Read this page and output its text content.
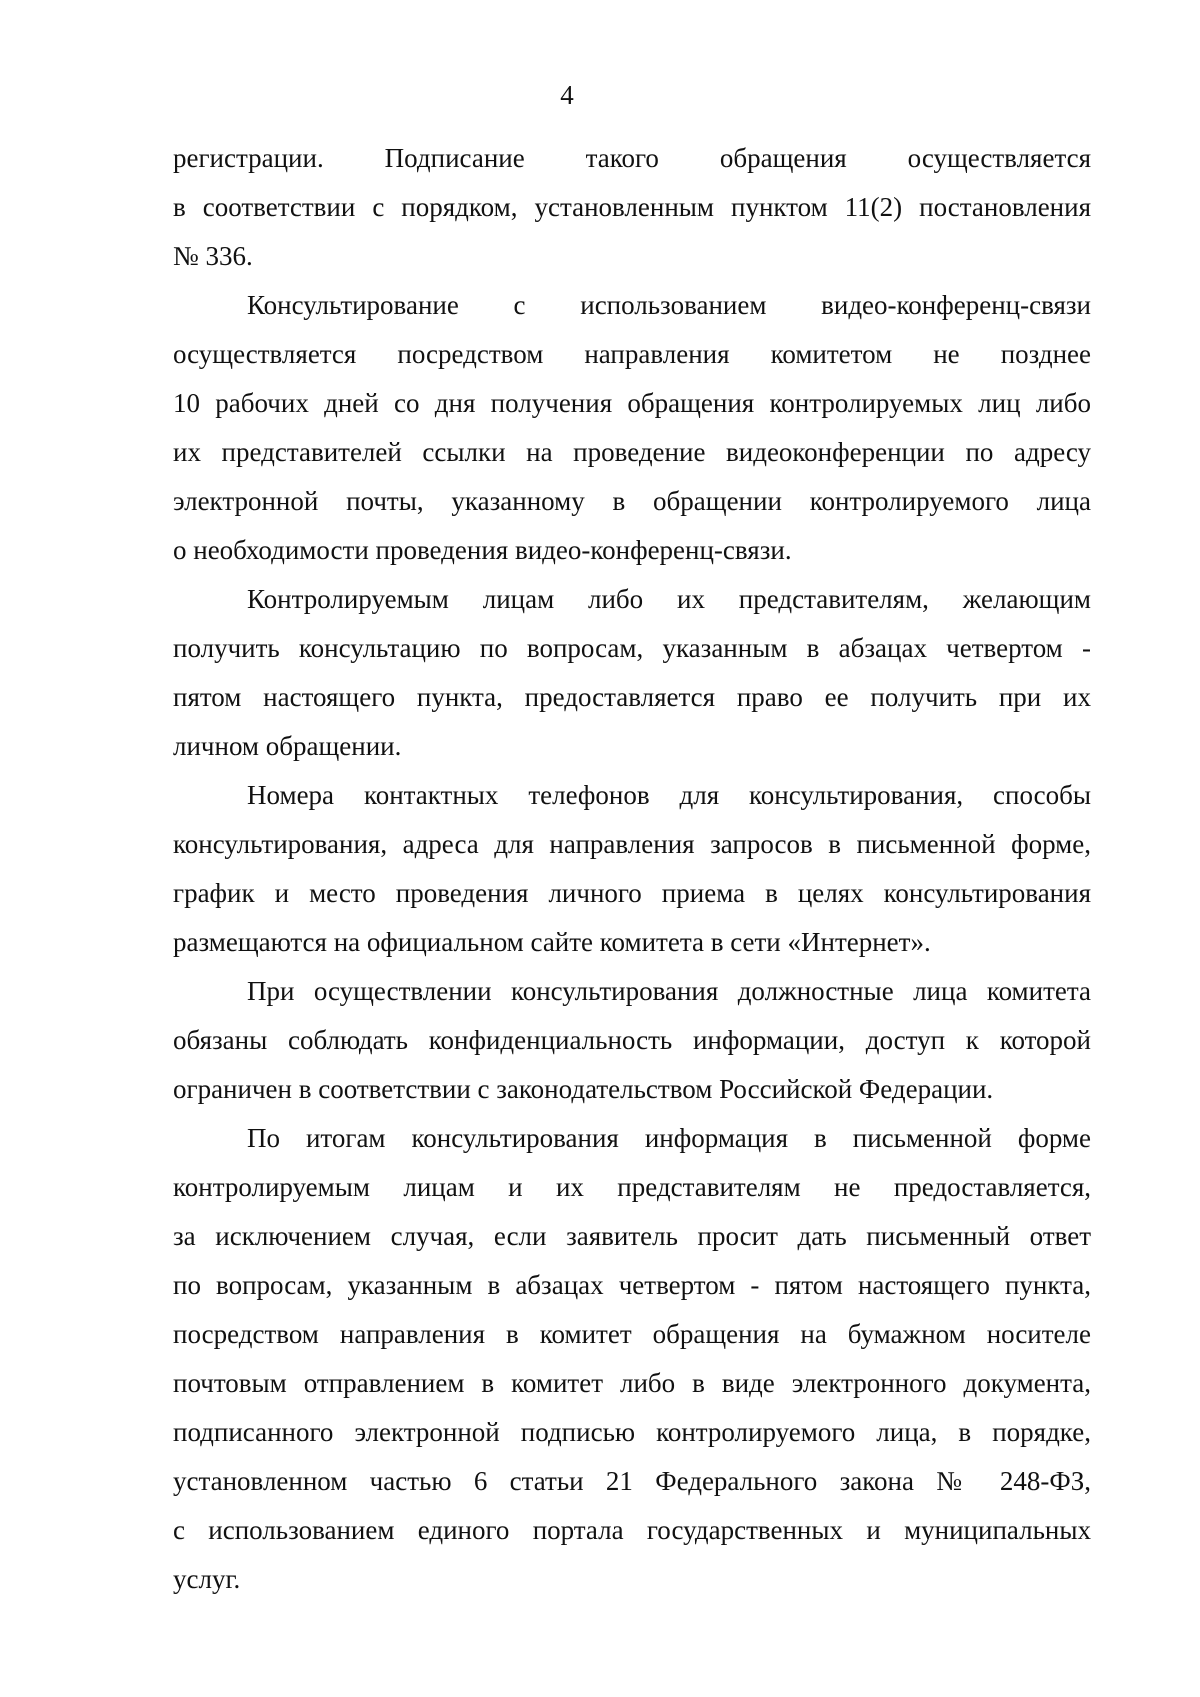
4
регистрации. Подписание такого обращения осуществляется
в соответствии с порядком, установленным пунктом 11(2) постановления
№ 336.
Консультирование с использованием видео-конференц-связи
осуществляется посредством направления комитетом не позднее
10 рабочих дней со дня получения обращения контролируемых лиц либо
их представителей ссылки на проведение видеоконференции по адресу
электронной почты, указанному в обращении контролируемого лица
о необходимости проведения видео-конференц-связи.
Контролируемым лицам либо их представителям, желающим
получить консультацию по вопросам, указанным в абзацах четвертом -
пятом настоящего пункта, предоставляется право ее получить при их
личном обращении.
Номера контактных телефонов для консультирования, способы
консультирования, адреса для направления запросов в письменной форме,
график и место проведения личного приема в целях консультирования
размещаются на официальном сайте комитета в сети «Интернет».
При осуществлении консультирования должностные лица комитета
обязаны соблюдать конфиденциальность информации, доступ к которой
ограничен в соответствии с законодательством Российской Федерации.
По итогам консультирования информация в письменной форме
контролируемым лицам и их представителям не предоставляется,
за исключением случая, если заявитель просит дать письменный ответ
по вопросам, указанным в абзацах четвертом - пятом настоящего пункта,
посредством направления в комитет обращения на бумажном носителе
почтовым отправлением в комитет либо в виде электронного документа,
подписанного электронной подписью контролируемого лица, в порядке,
установленном частью 6 статьи 21 Федерального закона № 248-ФЗ,
с использованием единого портала государственных и муниципальных
услуг.
